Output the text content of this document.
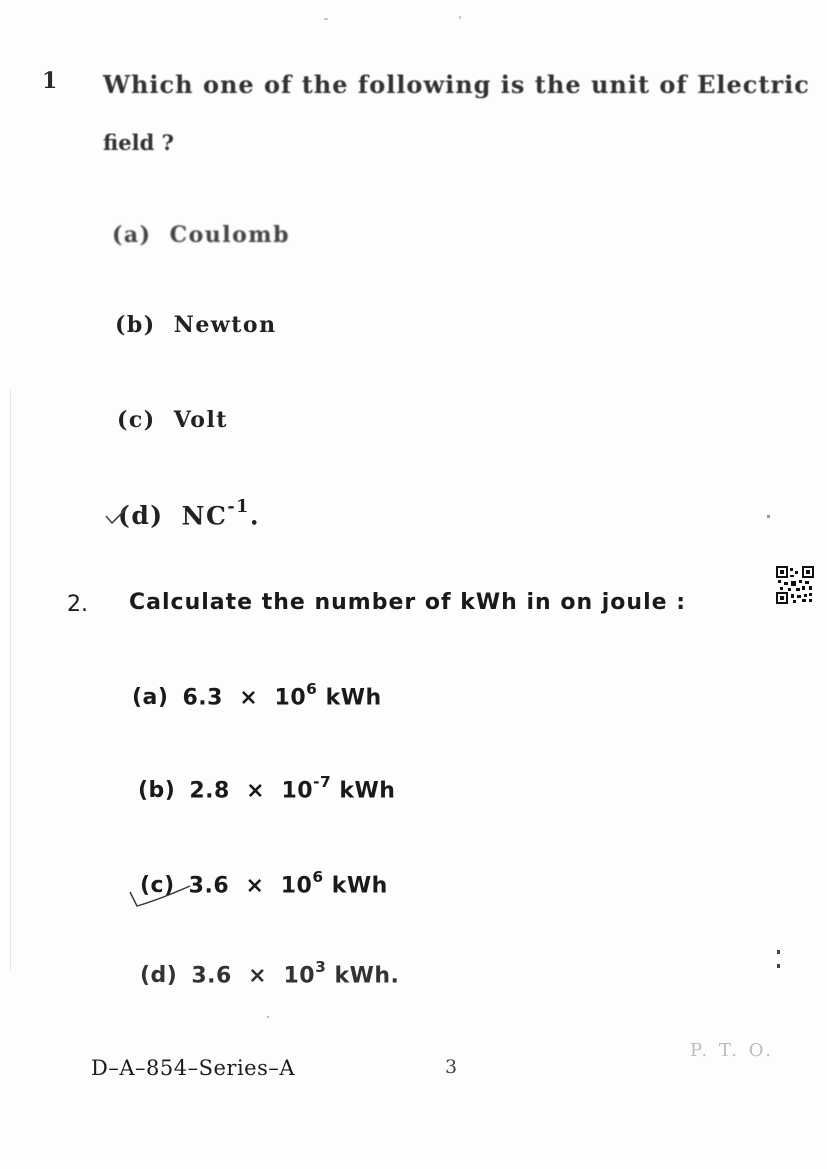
1 Which one of the following is the unit of Electric
field ?
(a) Coulomb
(b) Newton
(c) Volt
(d) $NC^{-1}$.
2. Calculate the number of kWh in on joule :
(a) $6.3 \times 10^6$ kWh
(b) $2.8 \times 10^{-7}$ kWh
(c) $3.6 \times 10^6$ kWh
(d) $3.6 \times 10^3$ kWh.
D–A–854–Series–A	3
P. T. O.
